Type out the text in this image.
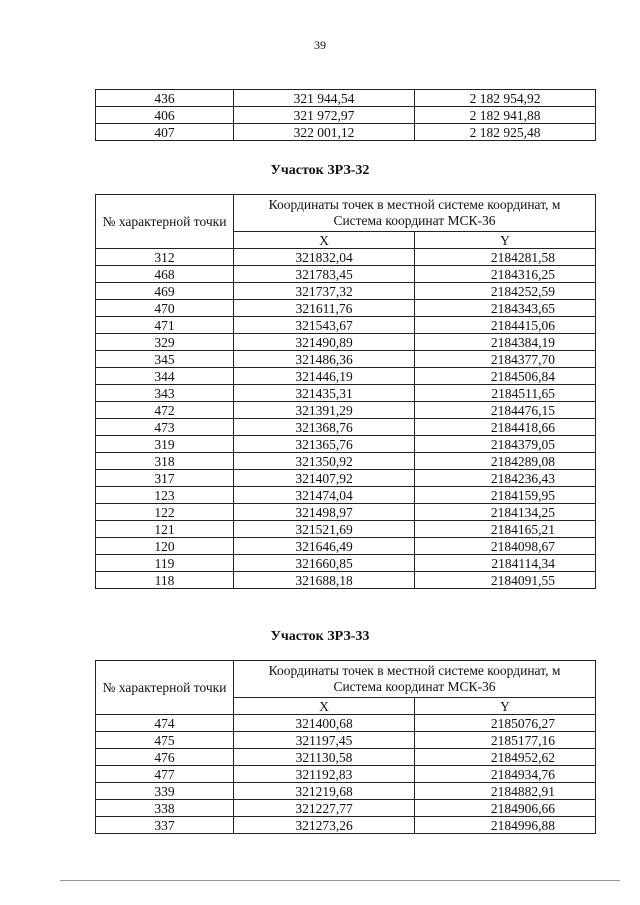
39
436	321 944,54	2 182 954,92
406	321 972,97	2 182 941,88
407	322 001,12	2 182 925,48
Участок ЗРЗ-32
№ характерной точки	Координаты точек в местной системе координат, м
Система координат МСК-36	
	X	Y
312	321832,04	2184281,58
468	321783,45	2184316,25
469	321737,32	2184252,59
470	321611,76	2184343,65
471	321543,67	2184415,06
329	321490,89	2184384,19
345	321486,36	2184377,70
344	321446,19	2184506,84
343	321435,31	2184511,65
472	321391,29	2184476,15
473	321368,76	2184418,66
319	321365,76	2184379,05
318	321350,92	2184289,08
317	321407,92	2184236,43
123	321474,04	2184159,95
122	321498,97	2184134,25
121	321521,69	2184165,21
120	321646,49	2184098,67
119	321660,85	2184114,34
118	321688,18	2184091,55
Участок ЗРЗ-33
№ характерной точки	Координаты точек в местной системе координат, м
Система координат МСК-36	
	X	Y
474	321400,68	2185076,27
475	321197,45	2185177,16
476	321130,58	2184952,62
477	321192,83	2184934,76
339	321219,68	2184882,91
338	321227,77	2184906,66
337	321273,26	2184996,88
